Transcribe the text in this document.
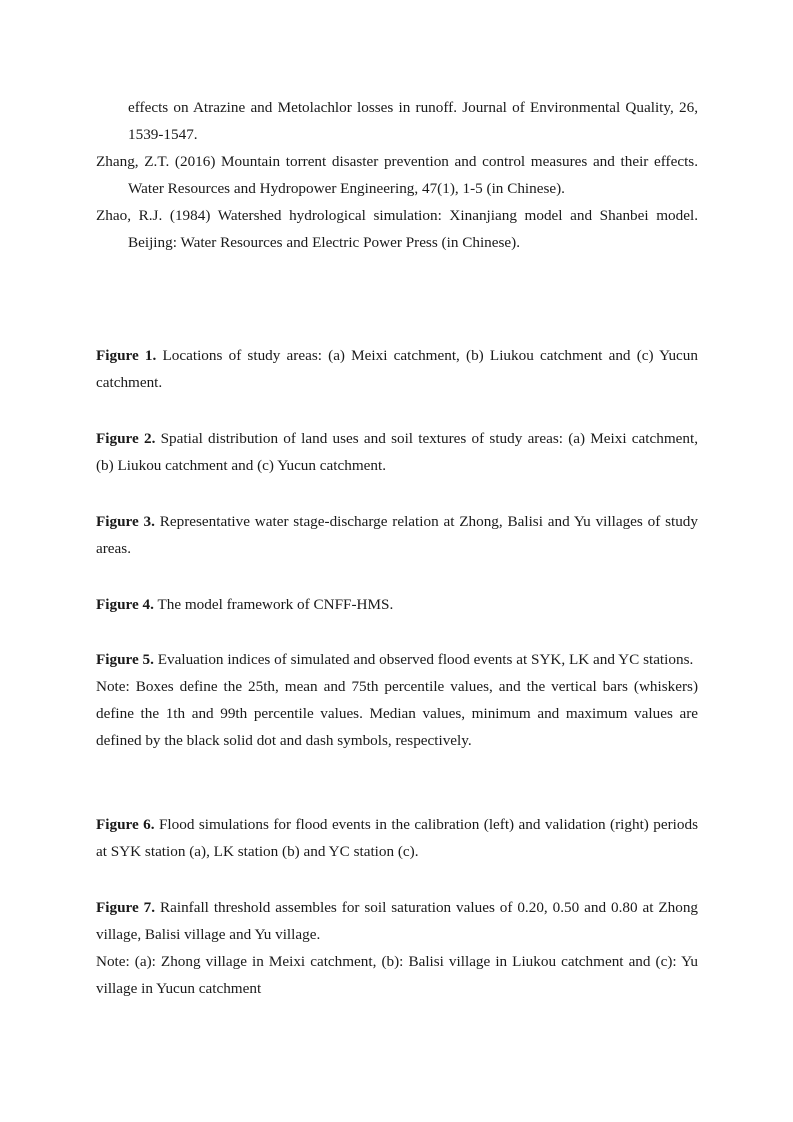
effects on Atrazine and Metolachlor losses in runoff. Journal of Environmental Quality, 26, 1539-1547.

Zhang, Z.T. (2016) Mountain torrent disaster prevention and control measures and their effects. Water Resources and Hydropower Engineering, 47(1), 1-5 (in Chinese).

Zhao, R.J. (1984) Watershed hydrological simulation: Xinanjiang model and Shanbei model. Beijing: Water Resources and Electric Power Press (in Chinese).

Figure 1. Locations of study areas: (a) Meixi catchment, (b) Liukou catchment and (c) Yucun catchment.

Figure 2. Spatial distribution of land uses and soil textures of study areas: (a) Meixi catchment, (b) Liukou catchment and (c) Yucun catchment.

Figure 3. Representative water stage-discharge relation at Zhong, Balisi and Yu villages of study areas.

Figure 4. The model framework of CNFF-HMS.

Figure 5. Evaluation indices of simulated and observed flood events at SYK, LK and YC stations.

Note: Boxes define the 25th, mean and 75th percentile values, and the vertical bars (whiskers) define the 1th and 99th percentile values. Median values, minimum and maximum values are defined by the black solid dot and dash symbols, respectively.

Figure 6. Flood simulations for flood events in the calibration (left) and validation (right) periods at SYK station (a), LK station (b) and YC station (c).

Figure 7. Rainfall threshold assembles for soil saturation values of 0.20, 0.50 and 0.80 at Zhong village, Balisi village and Yu village.

Note: (a): Zhong village in Meixi catchment, (b): Balisi village in Liukou catchment and (c): Yu village in Yucun catchment
